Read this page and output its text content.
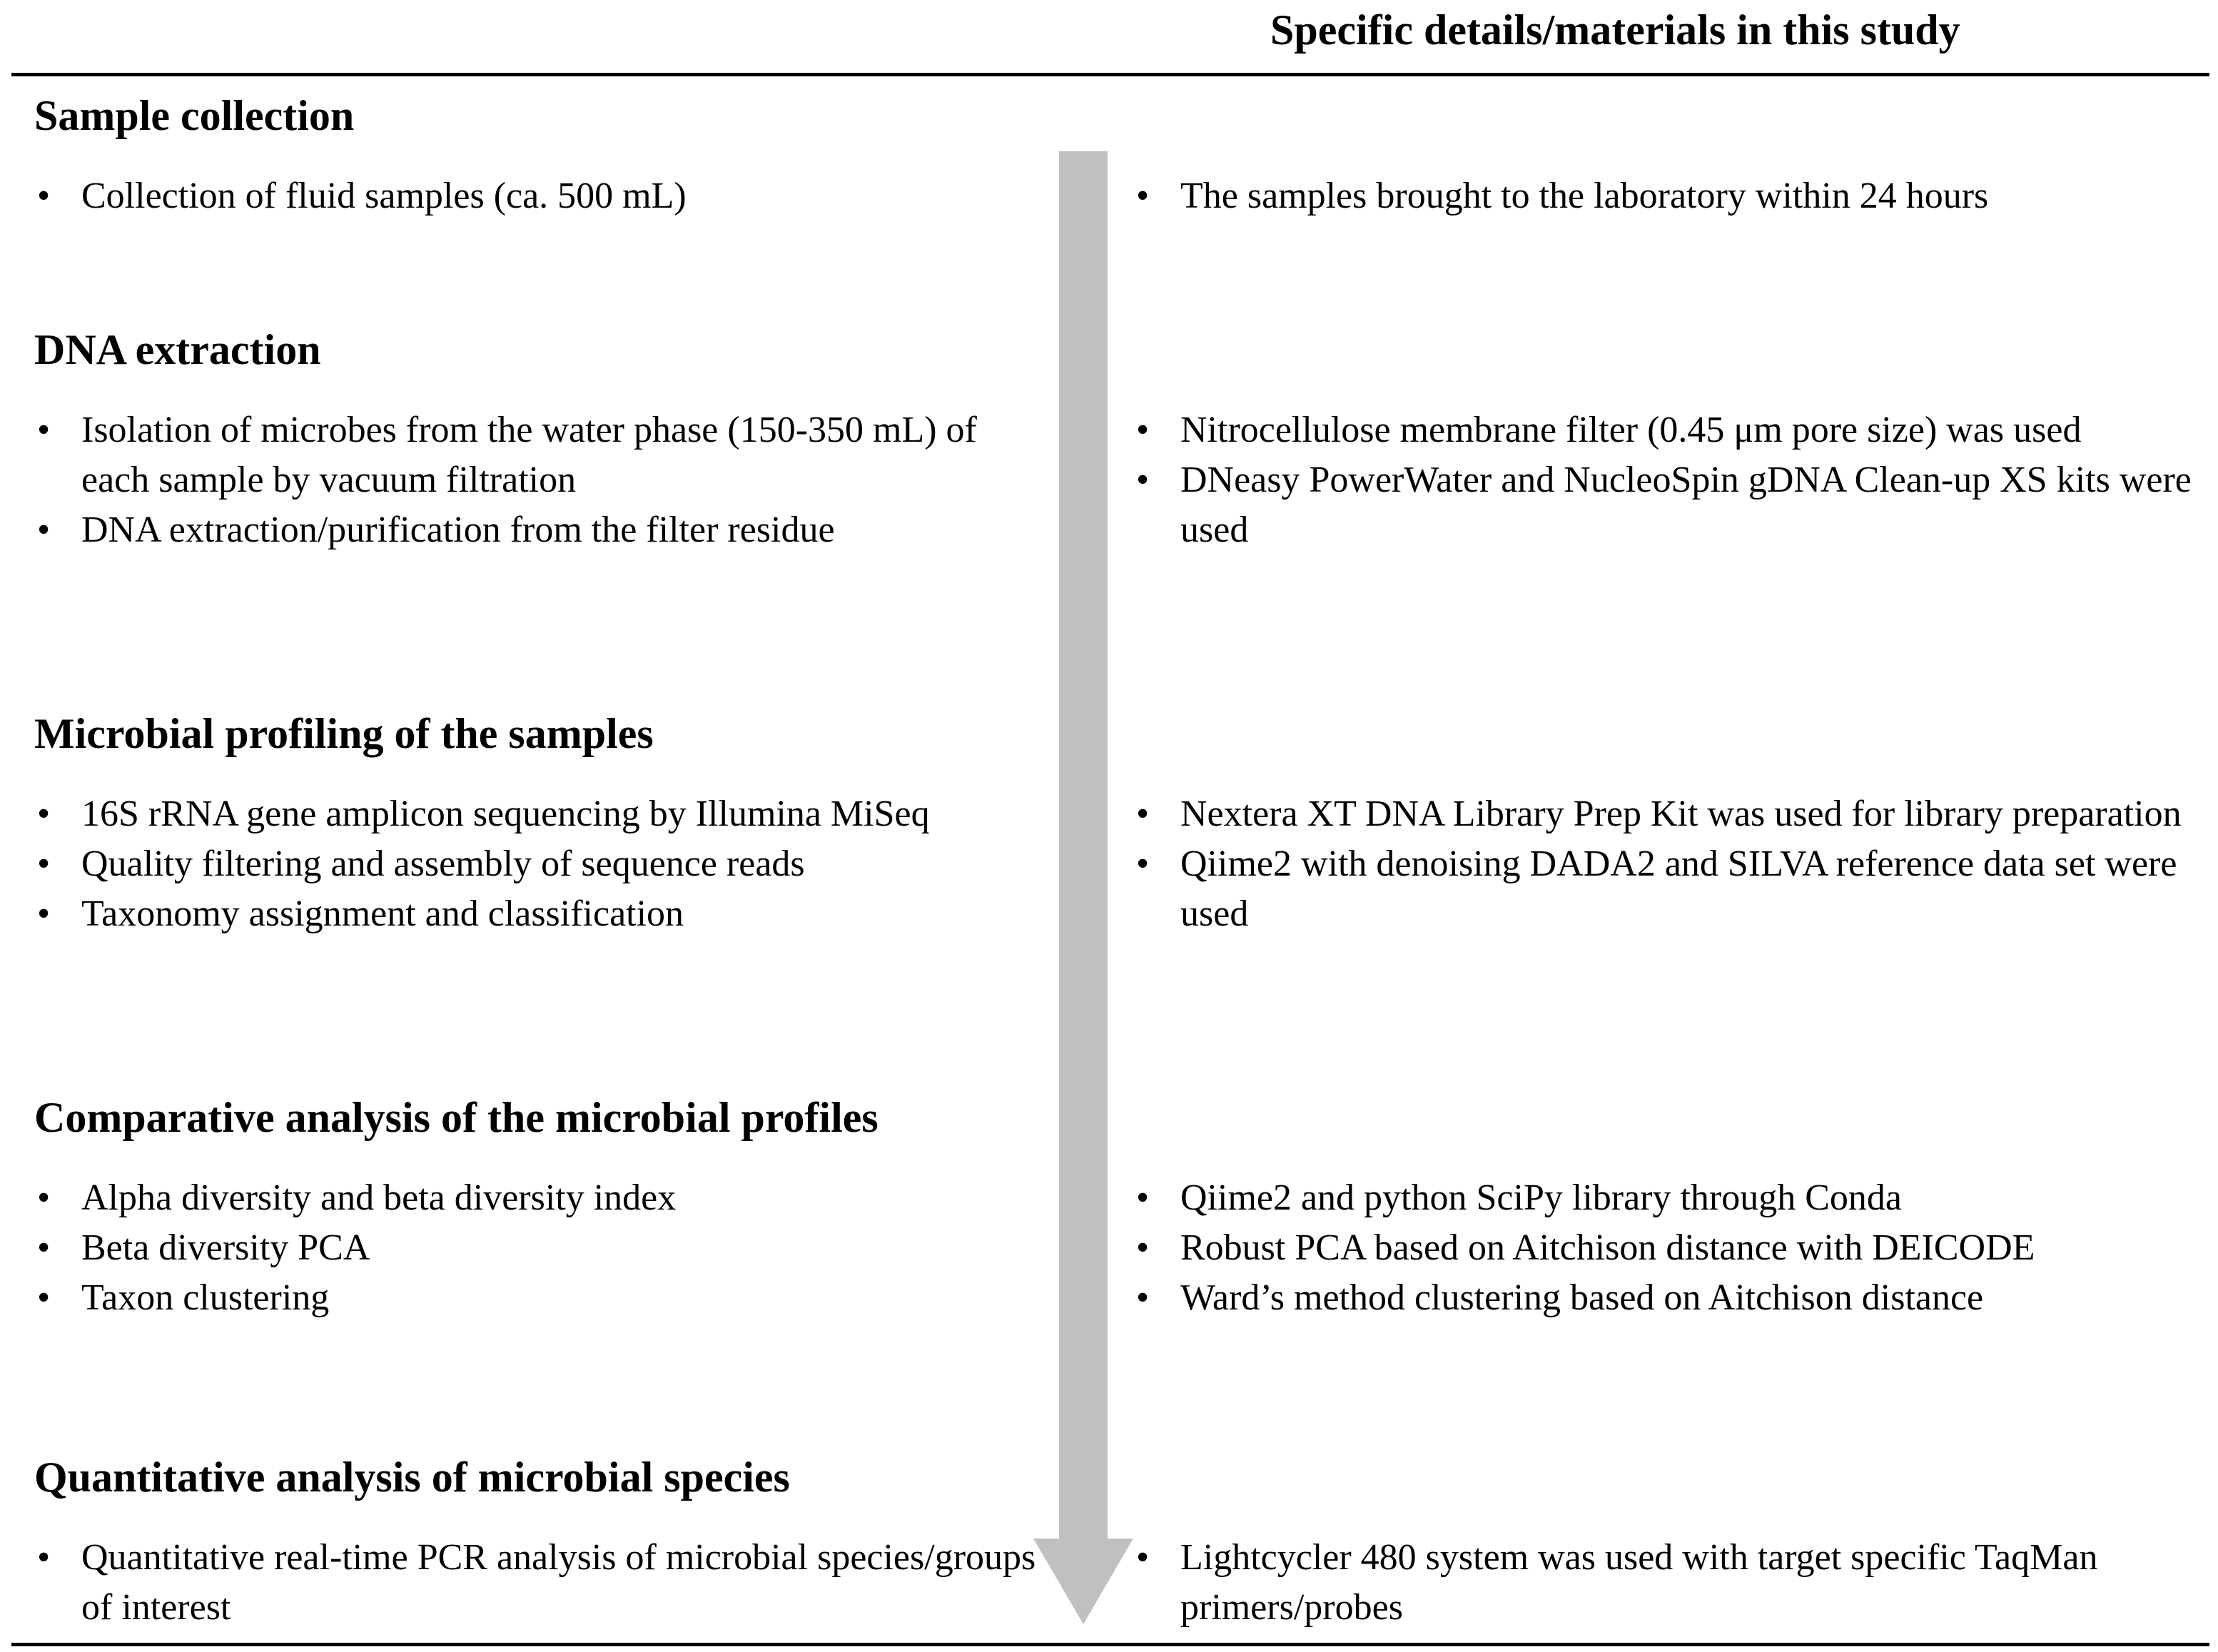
Specific details/materials in this study
Sample collection
• Collection of fluid samples (ca. 500 mL)
•	The samples brought to the laboratory within 24 hours
DNA extraction
• Isolation of microbes from the water phase (150-350 mL) of each sample by vacuum filtration
• DNA extraction/purification from the filter residue
• Nitrocellulose membrane filter (0.45 μm pore size) was used
• DNeasy PowerWater and NucleoSpin gDNA Clean-up XS kits were used
Microbial profiling of the samples
• 16S rRNA gene amplicon sequencing by Illumina MiSeq
• Quality filtering and assembly of sequence reads
• Taxonomy assignment and classification
• Nextera XT DNA Library Prep Kit was used for library preparation
• Qiime2 with denoising DADA2 and SILVA reference data set were used
Comparative analysis of the microbial profiles
• Alpha diversity and beta diversity index
• Beta diversity PCA
• Taxon clustering
• Qiime2 and python SciPy library through Conda
• Robust PCA based on Aitchison distance with DEICODE
• Ward’s method clustering based on Aitchison distance
Quantitative analysis of microbial species
• Quantitative real-time PCR analysis of microbial species/groups of interest
• Lightcycler 480 system was used with target specific TaqMan primers/probes
